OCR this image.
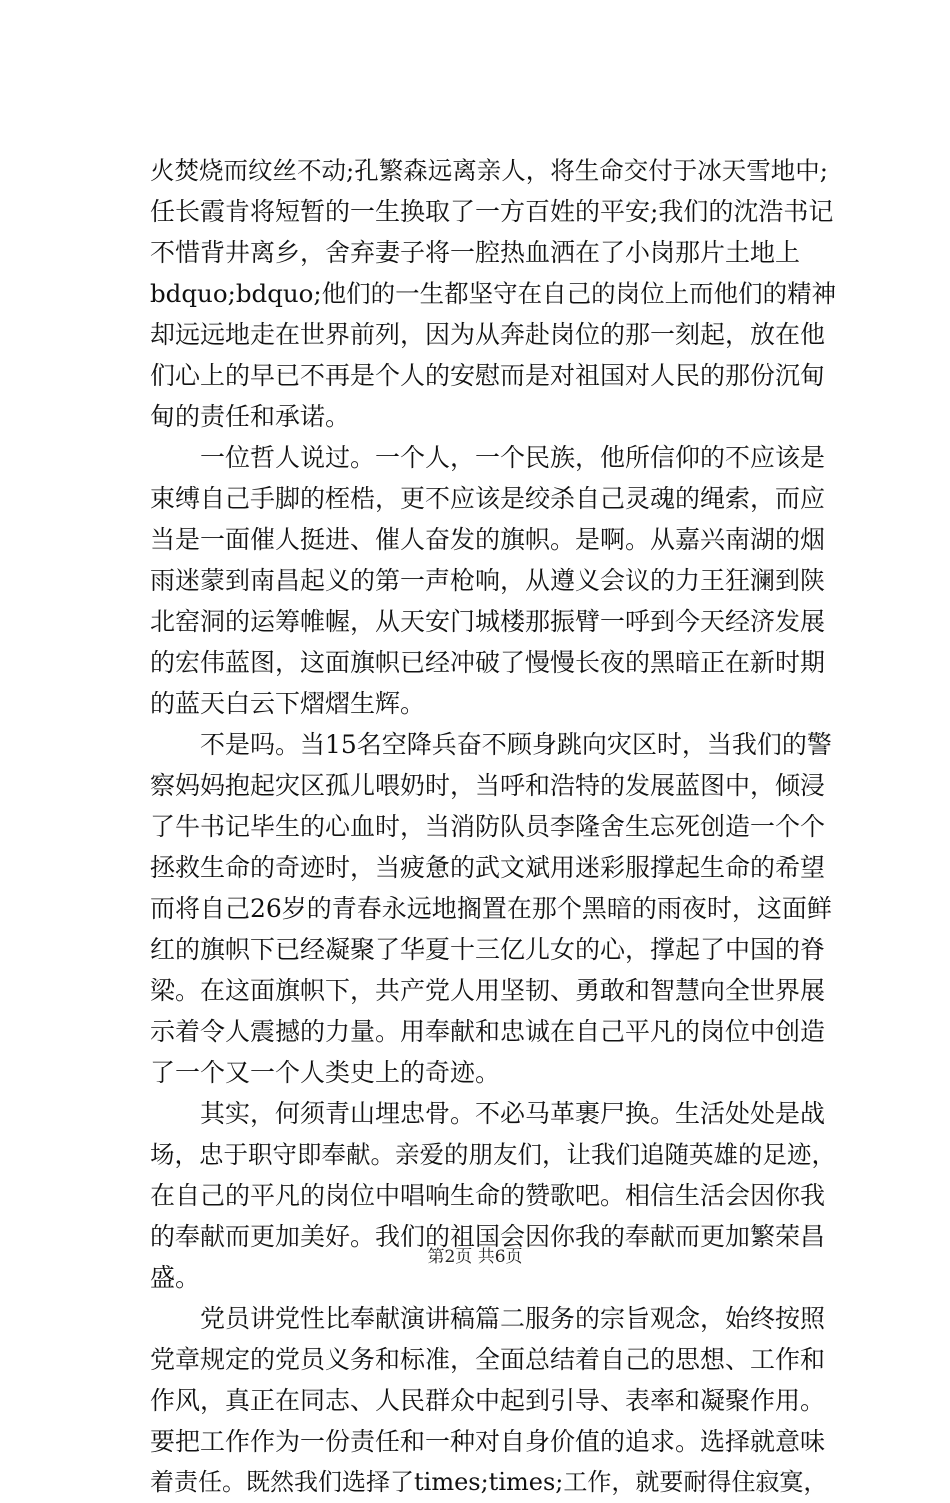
火焚烧而纹丝不动;孔繁森远离亲人，将生命交付于冰天雪地中;
任长霞肯将短暂的一生换取了一方百姓的平安;我们的沈浩书记
不惜背井离乡，舍弃妻子将一腔热血洒在了小岗那片土地上
bdquo;bdquo;他们的一生都坚守在自己的岗位上而他们的精神
却远远地走在世界前列，因为从奔赴岗位的那一刻起，放在他
们心上的早已不再是个人的安慰而是对祖国对人民的那份沉甸
甸的责任和承诺。
一位哲人说过。一个人，一个民族，他所信仰的不应该是
束缚自己手脚的桎梏，更不应该是绞杀自己灵魂的绳索，而应
当是一面催人挺进、催人奋发的旗帜。是啊。从嘉兴南湖的烟
雨迷蒙到南昌起义的第一声枪响，从遵义会议的力王狂澜到陕
北窑洞的运筹帷幄，从天安门城楼那振臂一呼到今天经济发展
的宏伟蓝图，这面旗帜已经冲破了慢慢长夜的黑暗正在新时期
的蓝天白云下熠熠生辉。
不是吗。当15名空降兵奋不顾身跳向灾区时，当我们的警
察妈妈抱起灾区孤儿喂奶时，当呼和浩特的发展蓝图中，倾浸
了牛书记毕生的心血时，当消防队员李隆舍生忘死创造一个个
拯救生命的奇迹时，当疲惫的武文斌用迷彩服撑起生命的希望
而将自己26岁的青春永远地搁置在那个黑暗的雨夜时，这面鲜
红的旗帜下已经凝聚了华夏十三亿儿女的心，撑起了中国的脊
梁。在这面旗帜下，共产党人用坚韧、勇敢和智慧向全世界展
示着令人震撼的力量。用奉献和忠诚在自己平凡的岗位中创造
了一个又一个人类史上的奇迹。
其实，何须青山埋忠骨。不必马革裹尸换。生活处处是战
场，忠于职守即奉献。亲爱的朋友们，让我们追随英雄的足迹，
在自己的平凡的岗位中唱响生命的赞歌吧。相信生活会因你我
的奉献而更加美好。我们的祖国会因你我的奉献而更加繁荣昌
盛。
党员讲党性比奉献演讲稿篇二服务的宗旨观念，始终按照
党章规定的党员义务和标准，全面总结着自己的思想、工作和
作风，真正在同志、人民群众中起到引导、表率和凝聚作用。
要把工作作为一份责任和一种对自身价值的追求。选择就意味
着责任。既然我们选择了times;times;工作，就要耐得住寂寞，
第2页 共6页
